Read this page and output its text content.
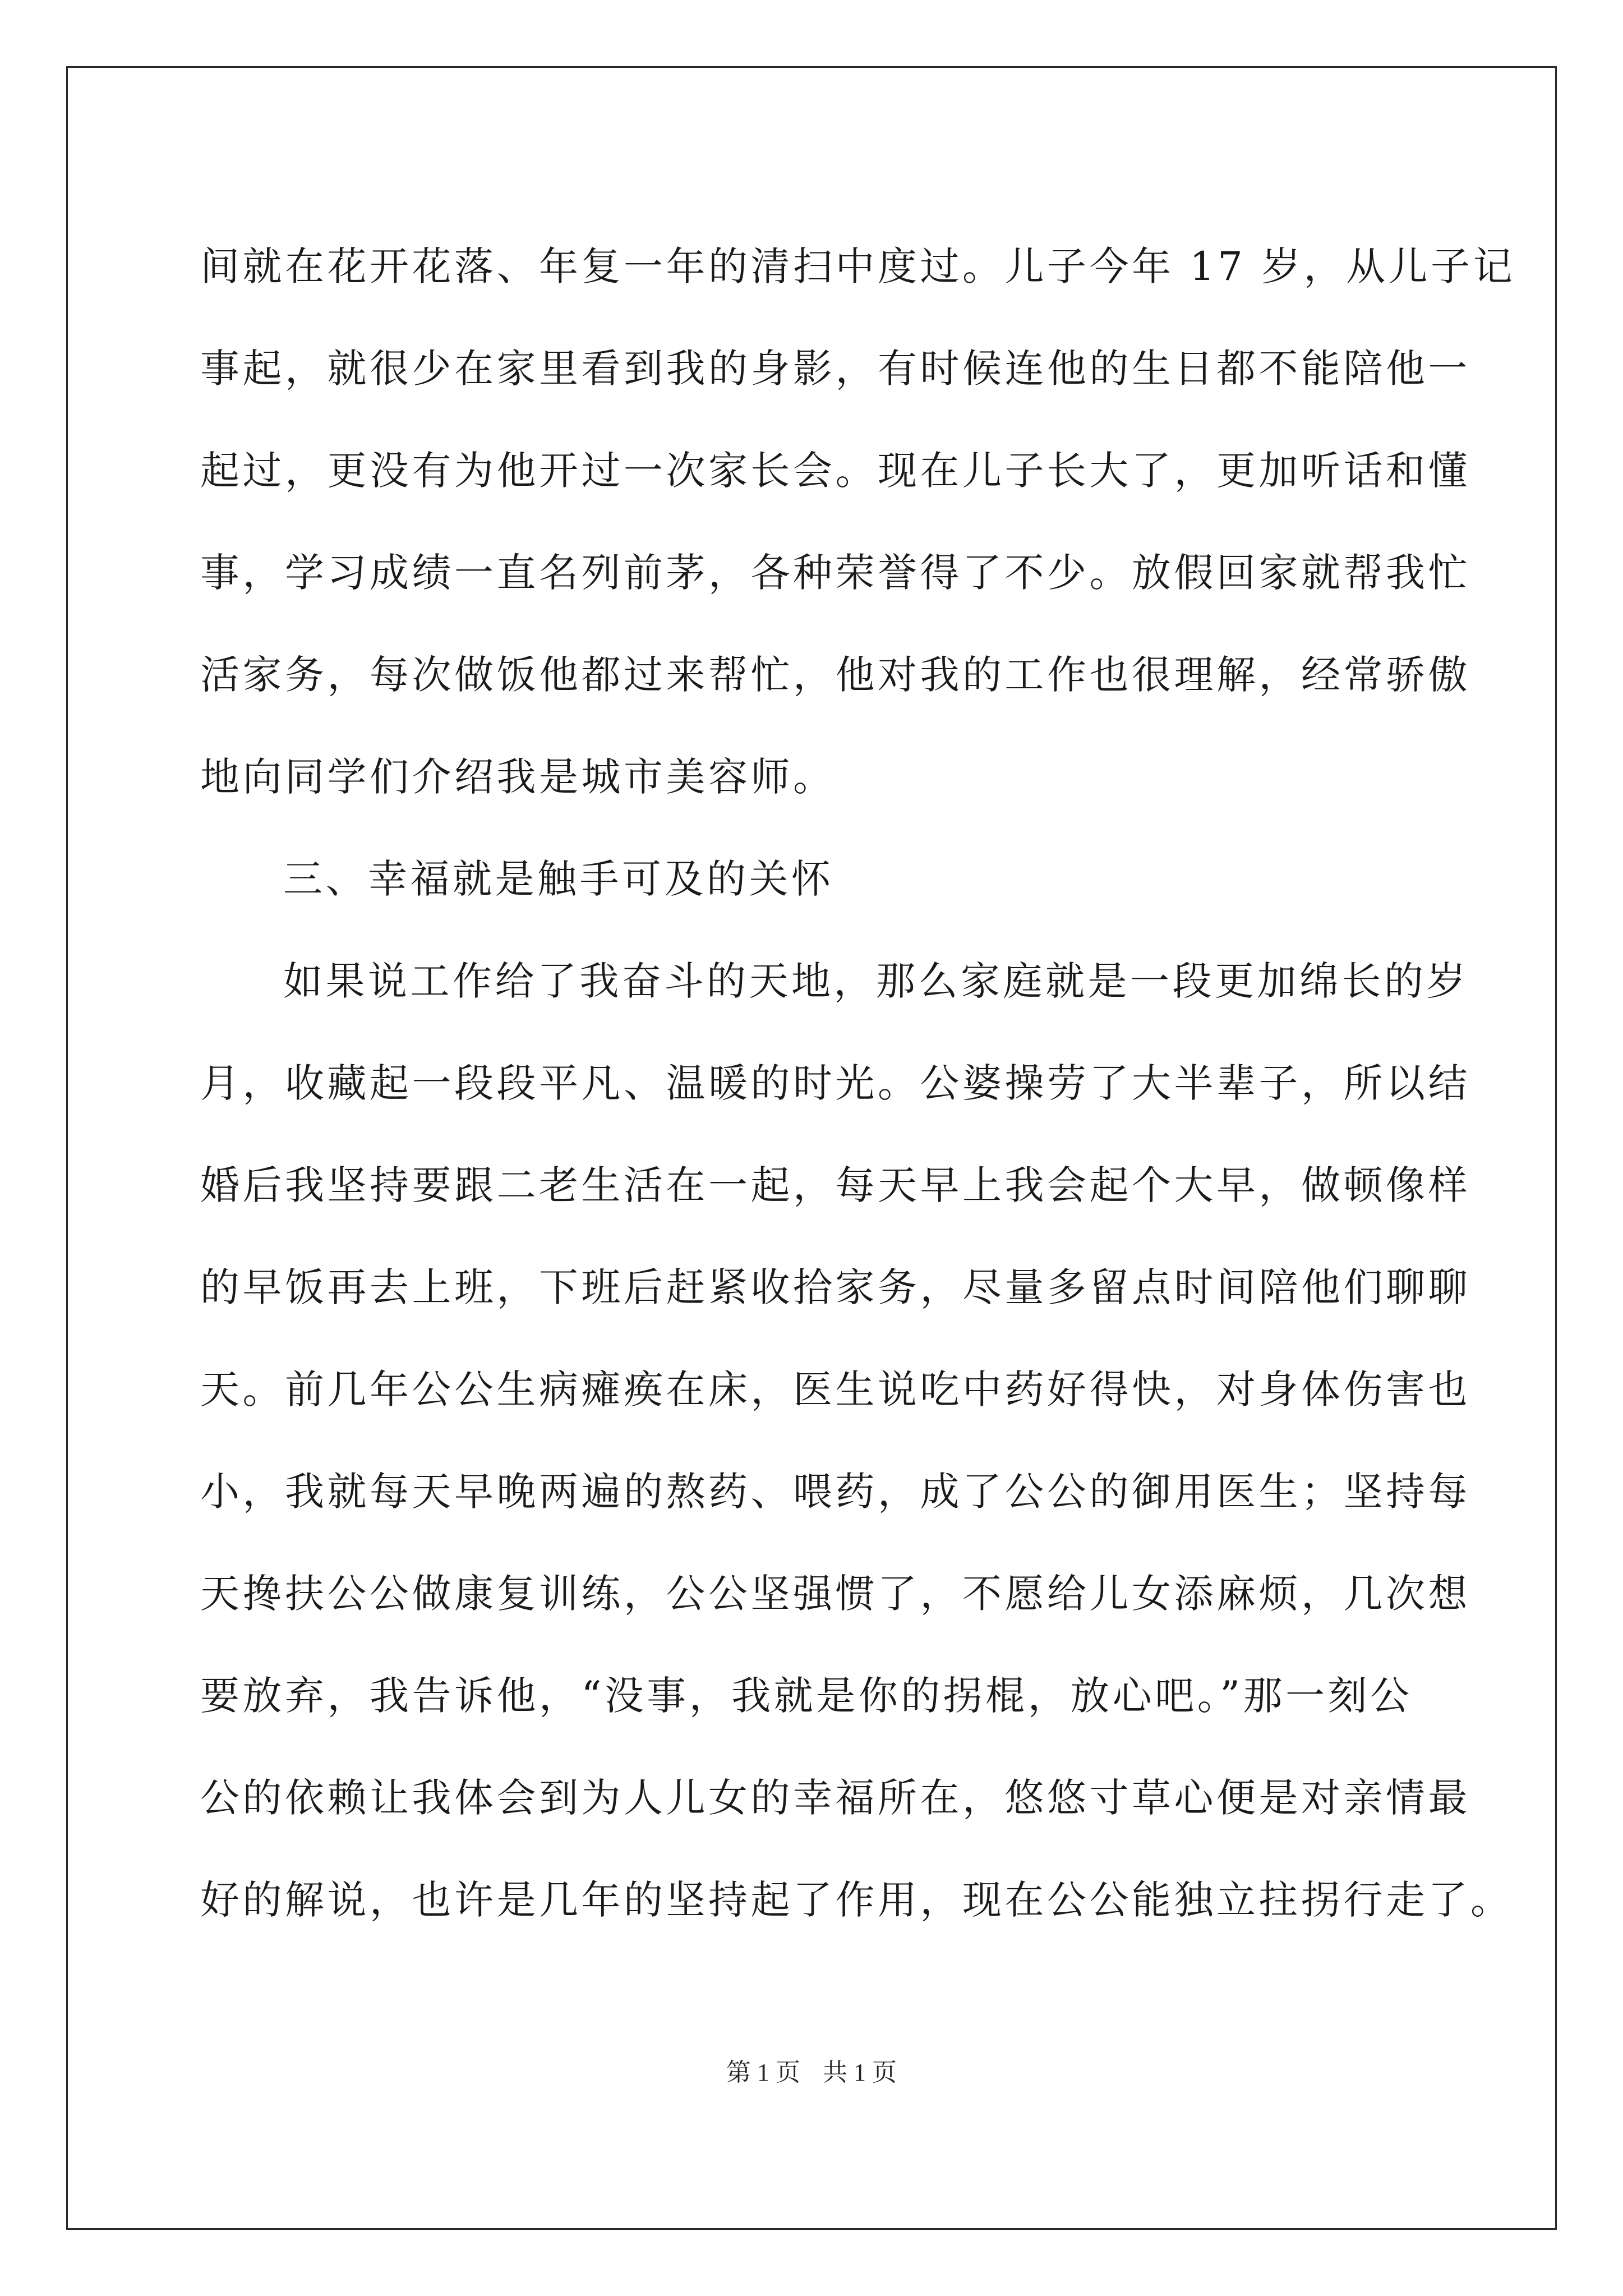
间就在花开花落、年复一年的清扫中度过。儿子今年 17 岁，从儿子记
事起，就很少在家里看到我的身影，有时候连他的生日都不能陪他一
起过，更没有为他开过一次家长会。现在儿子长大了，更加听话和懂
事，学习成绩一直名列前茅，各种荣誉得了不少。放假回家就帮我忙
活家务，每次做饭他都过来帮忙，他对我的工作也很理解，经常骄傲
地向同学们介绍我是城市美容师。
三、幸福就是触手可及的关怀
如果说工作给了我奋斗的天地，那么家庭就是一段更加绵长的岁
月，收藏起一段段平凡、温暖的时光。公婆操劳了大半辈子，所以结
婚后我坚持要跟二老生活在一起，每天早上我会起个大早，做顿像样
的早饭再去上班，下班后赶紧收拾家务，尽量多留点时间陪他们聊聊
天。前几年公公生病瘫痪在床，医生说吃中药好得快，对身体伤害也
小，我就每天早晚两遍的熬药、喂药，成了公公的御用医生；坚持每
天搀扶公公做康复训练，公公坚强惯了，不愿给儿女添麻烦，几次想
要放弃，我告诉他，“没事，我就是你的拐棍，放心吧。”那一刻公
公的依赖让我体会到为人儿女的幸福所在，悠悠寸草心便是对亲情最
好的解说，也许是几年的坚持起了作用，现在公公能独立拄拐行走了。
第 1 页 共 1 页
